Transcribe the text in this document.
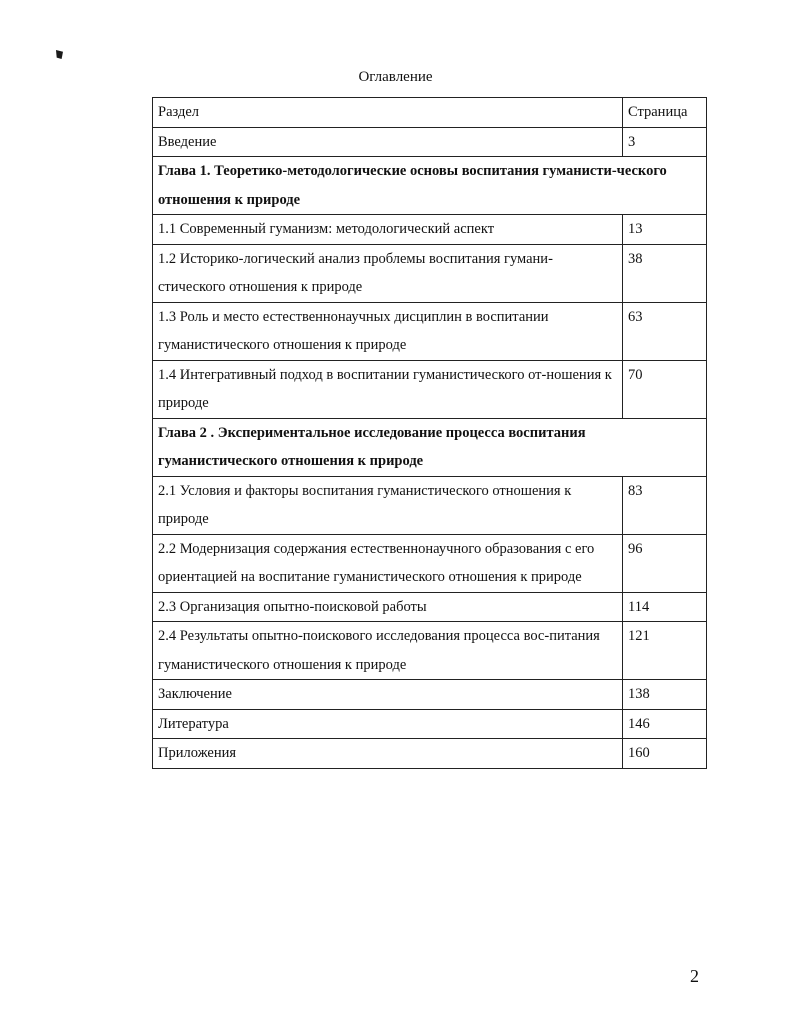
Оглавление
Раздел	Страница
Введение	3
Глава 1. Теоретико-методологические основы воспитания гуманисти-ческого отношения к природе	
1.1 Современный гуманизм: методологический аспект	13
1.2 Историко-логический анализ проблемы воспитания гумани-стического отношения к природе	38
1.3 Роль и место естественнонаучных дисциплин в воспитании гуманистического отношения к природе	63
1.4 Интегративный подход в воспитании гуманистического от-ношения к природе	70
Глава 2 . Экспериментальное исследование процесса воспитания гуманистического отношения к природе	
2.1 Условия и факторы воспитания гуманистического отношения к природе	83
2.2 Модернизация содержания естественнонаучного образования с его ориентацией на воспитание гуманистического отношения к природе	96
2.3 Организация опытно-поисковой работы	114
2.4 Результаты опытно-поискового исследования процесса вос-питания гуманистического отношения к природе	121
Заключение	138
Литература	146
Приложения	160
2
